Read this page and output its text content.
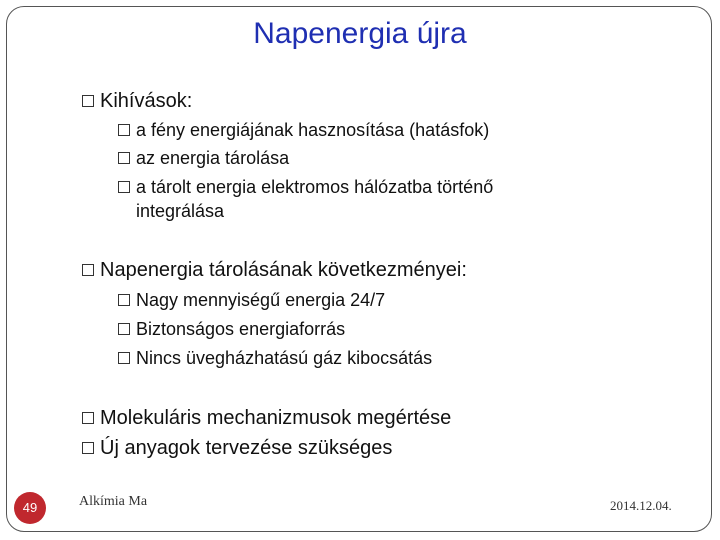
Napenergia újra
Kihívások:
a fény energiájának hasznosítása (hatásfok)
az energia tárolása
a tárolt energia elektromos hálózatba történő
integrálása
Napenergia tárolásának következményei:
Nagy mennyiségű energia 24/7
Biztonságos energiaforrás
Nincs üvegházhatású gáz kibocsátás
Molekuláris mechanizmusok megértése
Új anyagok tervezése szükséges
49	Alkímia Ma	2014.12.04.
